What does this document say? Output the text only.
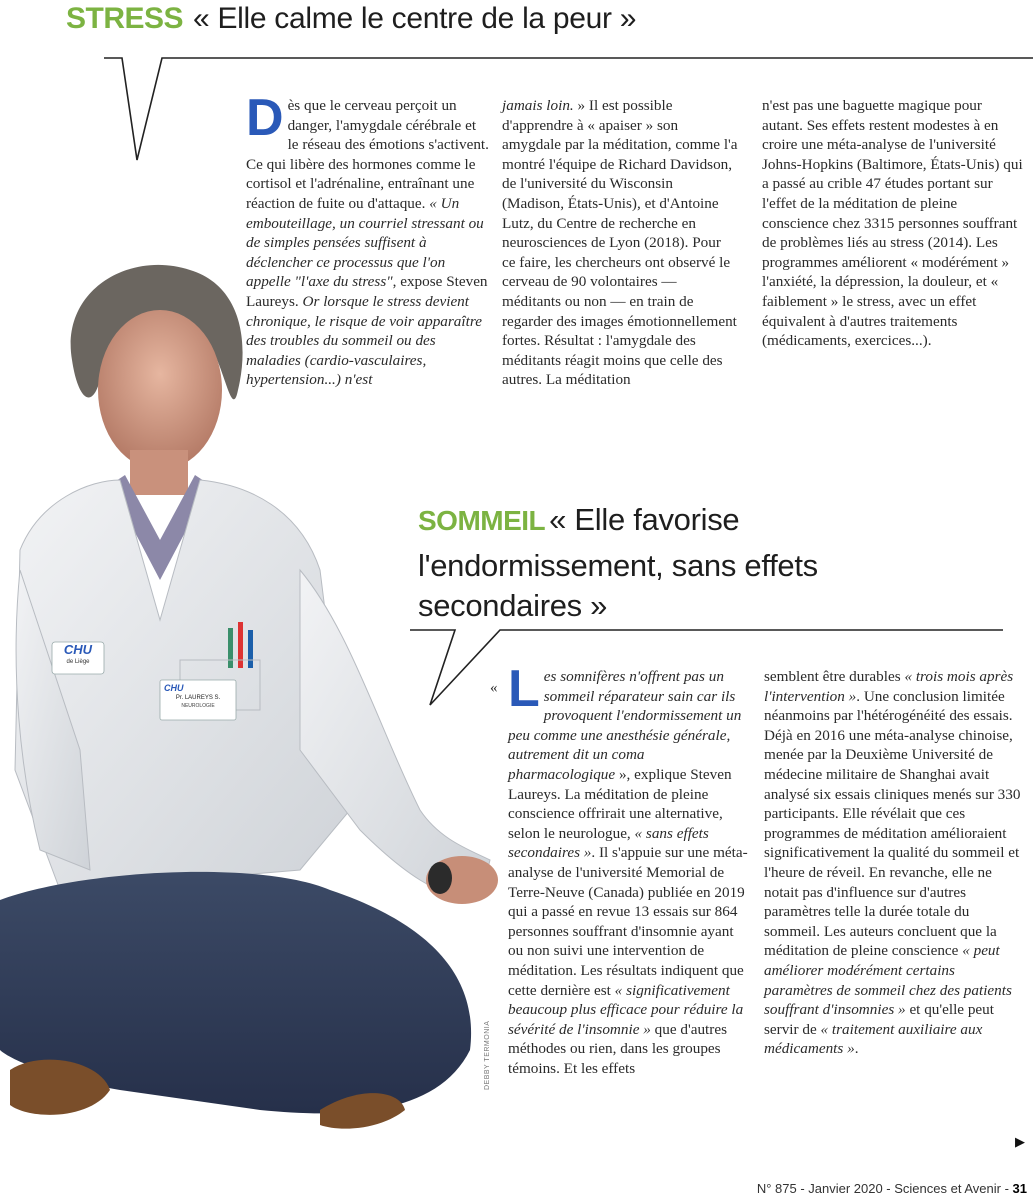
STRESS « Elle calme le centre de la peur »
CHU
de Liège
CHU
Pr. LAUREYS S.
NEUROLOGIE
DEBBY TERMONIA
Dès que le cerveau perçoit un danger, l'amygdale cérébrale et le réseau des émotions s'activent. Ce qui libère des hormones comme le cortisol et l'adrénaline, entraînant une réaction de fuite ou d'attaque. « Un embouteillage, un courriel stressant ou de simples pensées suffisent à déclencher ce processus que l'on appelle "l'axe du stress", expose Steven Laureys. Or lorsque le stress devient chronique, le risque de voir apparaître des troubles du sommeil ou des maladies (cardio-vasculaires, hypertension...) n'est
jamais loin. » Il est possible d'apprendre à « apaiser » son amygdale par la méditation, comme l'a montré l'équipe de Richard Davidson, de l'université du Wisconsin (Madison, États-Unis), et d'Antoine Lutz, du Centre de recherche en neurosciences de Lyon (2018). Pour ce faire, les chercheurs ont observé le cerveau de 90 volontaires — méditants ou non — en train de regarder des images émotionnellement fortes. Résultat : l'amygdale des méditants réagit moins que celle des autres. La méditation
n'est pas une baguette magique pour autant. Ses effets restent modestes à en croire une méta-analyse de l'université Johns-Hopkins (Baltimore, États-Unis) qui a passé au crible 47 études portant sur l'effet de la méditation de pleine conscience chez 3315 personnes souffrant de problèmes liés au stress (2014). Les programmes améliorent « modérément » l'anxiété, la dépression, la douleur, et « faiblement » le stress, avec un effet équivalent à d'autres traitements (médicaments, exercices...).
SOMMEIL « Elle favorise
l'endormissement, sans effets
secondaires »
« Les somnifères n'offrent pas un sommeil réparateur sain car ils provoquent l'endormissement un peu comme une anesthésie générale, autrement dit un coma pharmacologique », explique Steven Laureys. La méditation de pleine conscience offrirait une alternative, selon le neurologue, « sans effets secondaires ». Il s'appuie sur une méta-analyse de l'université Memorial de Terre-Neuve (Canada) publiée en 2019 qui a passé en revue 13 essais sur 864 personnes souffrant d'insomnie ayant ou non suivi une intervention de méditation. Les résultats indiquent que cette dernière est « significativement beaucoup plus efficace pour réduire la sévérité de l'insomnie » que d'autres méthodes ou rien, dans les groupes témoins. Et les effets
semblent être durables « trois mois après l'intervention ». Une conclusion limitée néanmoins par l'hétérogénéité des essais. Déjà en 2016 une méta-analyse chinoise, menée par la Deuxième Université de médecine militaire de Shanghai avait analysé six essais cliniques menés sur 330 participants. Elle révélait que ces programmes de méditation amélioraient significativement la qualité du sommeil et l'heure de réveil. En revanche, elle ne notait pas d'influence sur d'autres paramètres telle la durée totale du sommeil. Les auteurs concluent que la méditation de pleine conscience « peut améliorer modérément certains paramètres de sommeil chez des patients souffrant d'insomnies » et qu'elle peut servir de « traitement auxiliaire aux médicaments ».
▶
N° 875 - Janvier 2020 - Sciences et Avenir - 31
